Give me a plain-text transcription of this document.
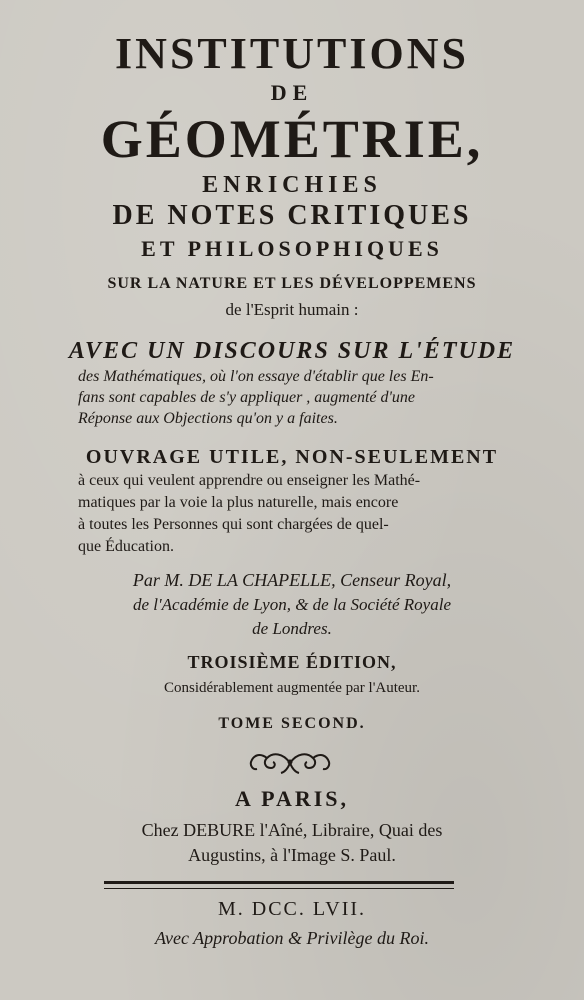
INSTITUTIONS
DE
GÉOMÉTRIE,
ENRICHIES
DE NOTES CRITIQUES
ET PHILOSOPHIQUES
SUR LA NATURE ET LES DÉVELOPPEMENS
de l'Esprit humain :
AVEC UN DISCOURS SUR L'ÉTUDE
des Mathématiques, où l'on essaye d'établir que les En-
fans sont capables de s'y appliquer , augmenté d'une
Réponse aux Objections qu'on y a faites.
OUVRAGE UTILE, NON-SEULEMENT
à ceux qui veulent apprendre ou enseigner les Mathé-
matiques par la voie la plus naturelle, mais encore
à toutes les Personnes qui sont chargées de quel-
que Éducation.
Par M. DE LA CHAPELLE, Censeur Royal,
de l'Académie de Lyon, & de la Société Royale
de Londres.
TROISIÈME ÉDITION,
Considérablement augmentée par l'Auteur.
TOME SECOND.
A PARIS,
Chez DEBURE l'Aîné, Libraire, Quai des
Augustins, à l'Image S. Paul.
M. DCC. LVII.
Avec Approbation & Privilège du Roi.
